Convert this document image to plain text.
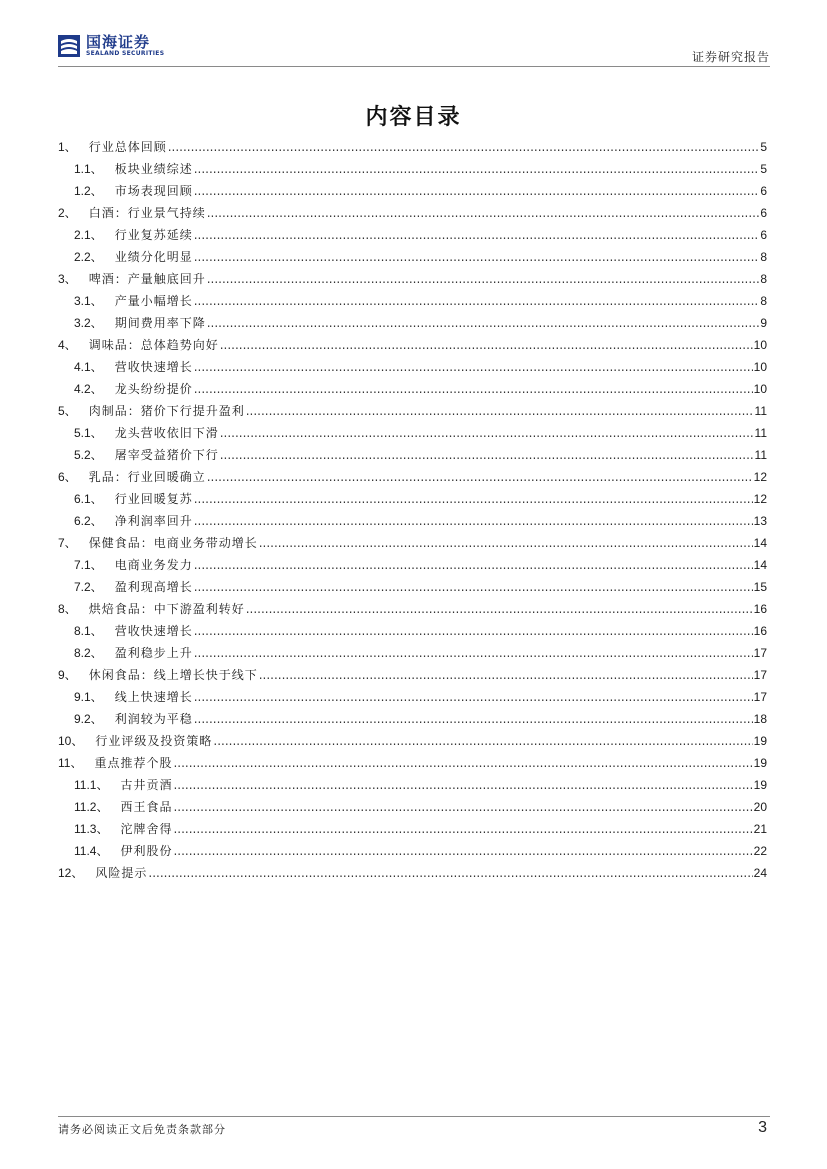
国海证券
SEALAND SECURITIES	证券研究报告
内容目录
1、 行业总体回顾 .....	5
1.1、 板块业绩综述 .....	5
1.2、 市场表现回顾 .....	6
2、 白酒：行业景气持续 .....	6
2.1、 行业复苏延续 .....	6
2.2、 业绩分化明显 .....	8
3、 啤酒：产量触底回升 .....	8
3.1、 产量小幅增长 .....	8
3.2、 期间费用率下降 .....	9
4、 调味品：总体趋势向好 .....	10
4.1、 营收快速增长 .....	10
4.2、 龙头纷纷提价 .....	10
5、 肉制品：猪价下行提升盈利 .....	11
5.1、 龙头营收依旧下滑 .....	11
5.2、 屠宰受益猪价下行 .....	11
6、 乳品：行业回暖确立 .....	12
6.1、 行业回暖复苏 .....	12
6.2、 净利润率回升 .....	13
7、 保健食品：电商业务带动增长 .....	14
7.1、 电商业务发力 .....	14
7.2、 盈利现高增长 .....	15
8、 烘焙食品：中下游盈利转好 .....	16
8.1、 营收快速增长 .....	16
8.2、 盈利稳步上升 .....	17
9、 休闲食品：线上增长快于线下 .....	17
9.1、 线上快速增长 .....	17
9.2、 利润较为平稳 .....	18
10、 行业评级及投资策略 .....	19
11、 重点推荐个股 .....	19
11.1、 古井贡酒 .....	19
11.2、 西王食品 .....	20
11.3、 沱牌舍得 .....	21
11.4、 伊利股份 .....	22
12、 风险提示 .....	24
请务必阅读正文后免责条款部分	3
